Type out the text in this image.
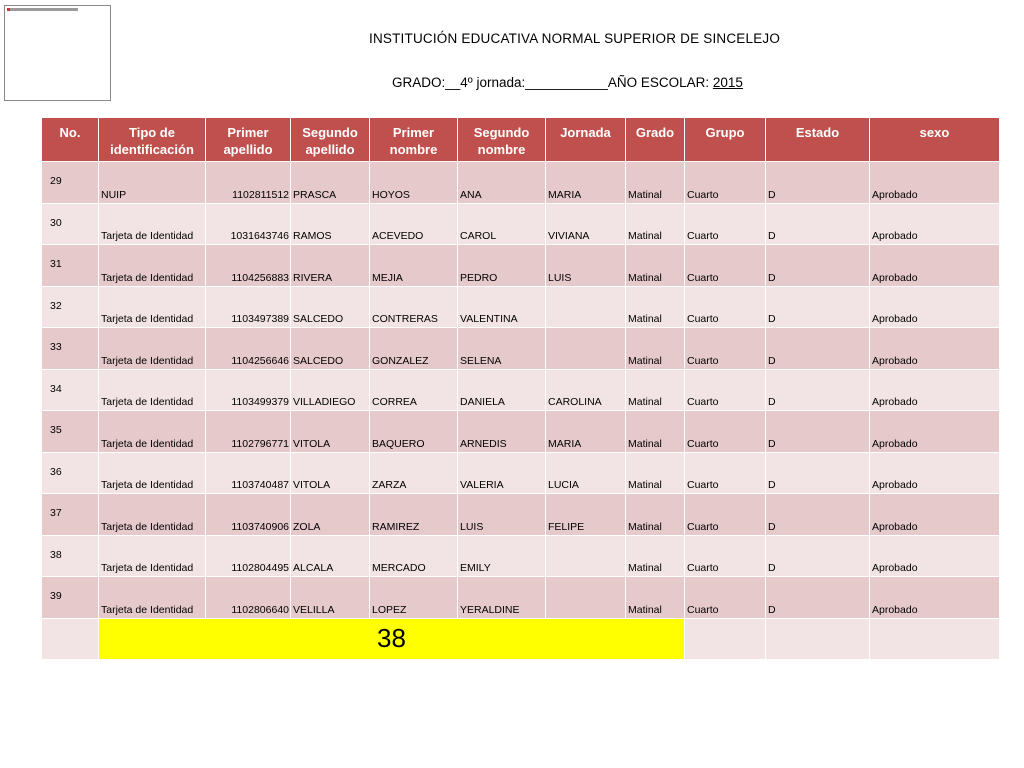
INSTITUCIÓN EDUCATIVA NORMAL SUPERIOR DE SINCELEJO
GRADO:__4º jornada:___________AÑO ESCOLAR: 2015
No.	Tipo de identificación	Primer apellido	Segundo apellido	Primer nombre	Segundo nombre	Jornada	Grado	Grupo	Estado	sexo
29	NUIP	1102811512	PRASCA	HOYOS	ANA	MARIA	Matinal	Cuarto	D	Aprobado
30	Tarjeta de Identidad	1031643746	RAMOS	ACEVEDO	CAROL	VIVIANA	Matinal	Cuarto	D	Aprobado
31	Tarjeta de Identidad	1104256883	RIVERA	MEJIA	PEDRO	LUIS	Matinal	Cuarto	D	Aprobado
32	Tarjeta de Identidad	1103497389	SALCEDO	CONTRERAS	VALENTINA		Matinal	Cuarto	D	Aprobado
33	Tarjeta de Identidad	1104256646	SALCEDO	GONZALEZ	SELENA		Matinal	Cuarto	D	Aprobado
34	Tarjeta de Identidad	1103499379	VILLADIEGO	CORREA	DANIELA	CAROLINA	Matinal	Cuarto	D	Aprobado
35	Tarjeta de Identidad	1102796771	VITOLA	BAQUERO	ARNEDIS	MARIA	Matinal	Cuarto	D	Aprobado
36	Tarjeta de Identidad	1103740487	VITOLA	ZARZA	VALERIA	LUCIA	Matinal	Cuarto	D	Aprobado
37	Tarjeta de Identidad	1103740906	ZOLA	RAMIREZ	LUIS	FELIPE	Matinal	Cuarto	D	Aprobado
38	Tarjeta de Identidad	1102804495	ALCALA	MERCADO	EMILY		Matinal	Cuarto	D	Aprobado
39	Tarjeta de Identidad	1102806640	VELILLA	LOPEZ	YERALDINE		Matinal	Cuarto	D	Aprobado
	38									
